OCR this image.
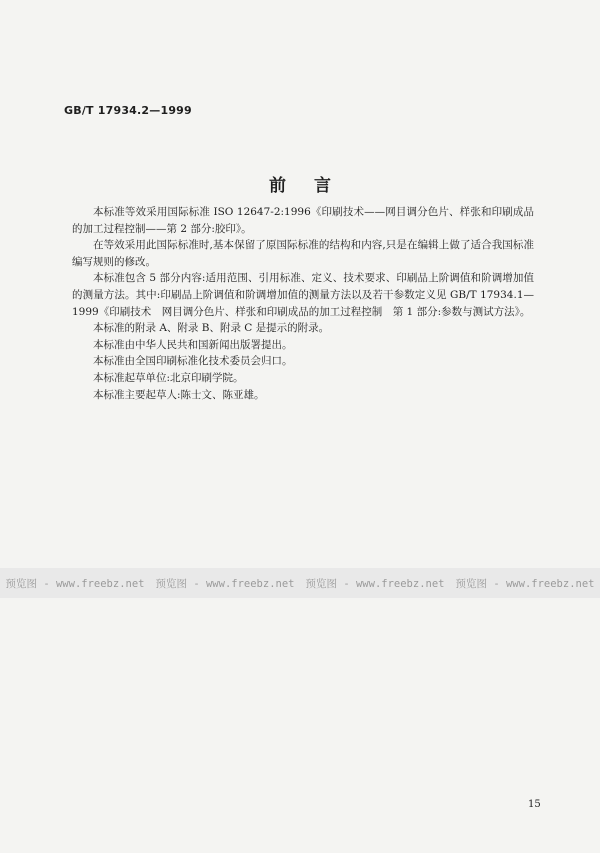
GB/T 17934.2—1999
前言

本标准等效采用国际标准 ISO 12647-2:1996《印刷技术——网目调分色片、样张和印刷成品的加工过程控制——第 2 部分:胶印》。

在等效采用此国际标准时,基本保留了原国际标准的结构和内容,只是在编辑上做了适合我国标准编写规则的修改。

本标准包含 5 部分内容:适用范围、引用标准、定义、技术要求、印刷品上阶调值和阶调增加值的测量方法。其中:印刷品上阶调值和阶调增加值的测量方法以及若干参数定义见 GB/T 17934.1—1999《印刷技术　网目调分色片、样张和印刷成品的加工过程控制　第 1 部分:参数与测试方法》。

本标准的附录 A、附录 B、附录 C 是提示的附录。

本标准由中华人民共和国新闻出版署提出。

本标准由全国印刷标准化技术委员会归口。

本标准起草单位:北京印刷学院。

本标准主要起草人:陈士文、陈亚雄。

预览图 - www.freebz.net 预览图 - www.freebz.net 预览图 - www.freebz.net 预览图 - www.freebz.net
15
